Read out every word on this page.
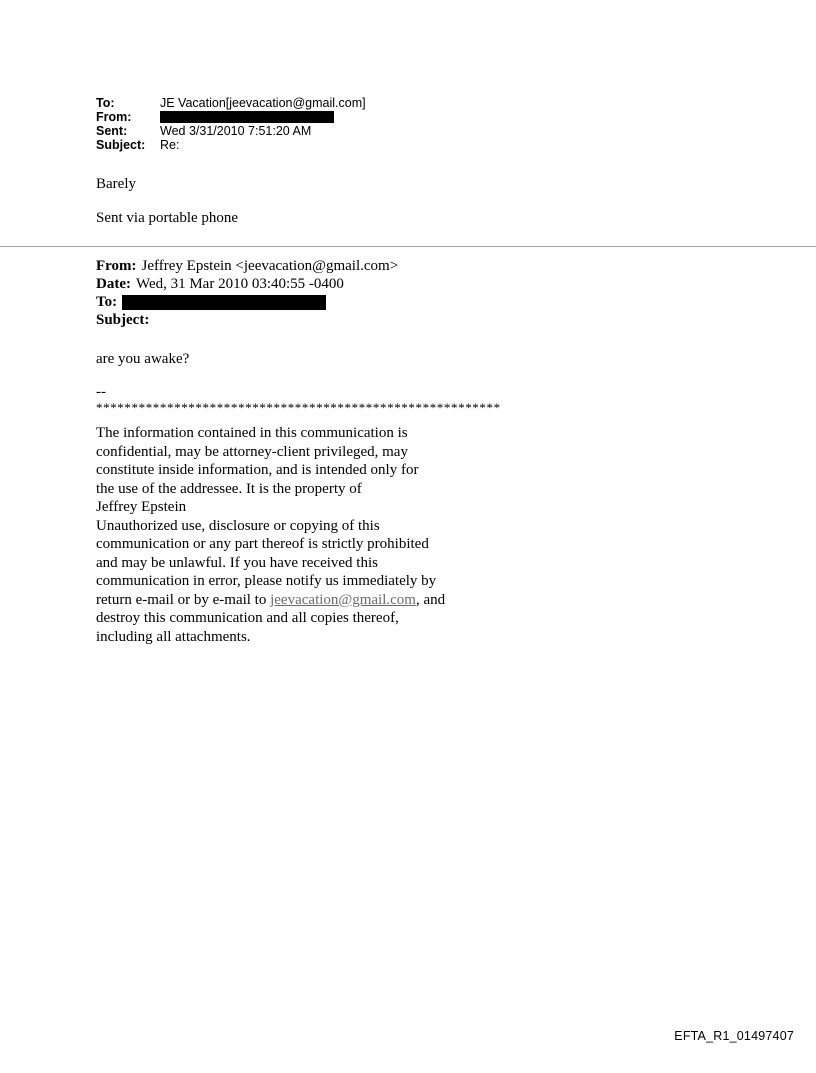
To:	JE Vacation[jeevacation@gmail.com]
From:
Sent:	Wed 3/31/2010 7:51:20 AM
Subject:	Re:
Barely
Sent via portable phone
From: Jeffrey Epstein <jeevacation@gmail.com>
Date: Wed, 31 Mar 2010 03:40:55 -0400
To:
Subject:
are you awake?
--
*********************************************************
The information contained in this communication is
confidential, may be attorney-client privileged, may
constitute inside information, and is intended only for
the use of the addressee. It is the property of
Jeffrey Epstein
Unauthorized use, disclosure or copying of this
communication or any part thereof is strictly prohibited
and may be unlawful. If you have received this
communication in error, please notify us immediately by
return e-mail or by e-mail to jeevacation@gmail.com, and
destroy this communication and all copies thereof,
including all attachments.
EFTA_R1_01497407
